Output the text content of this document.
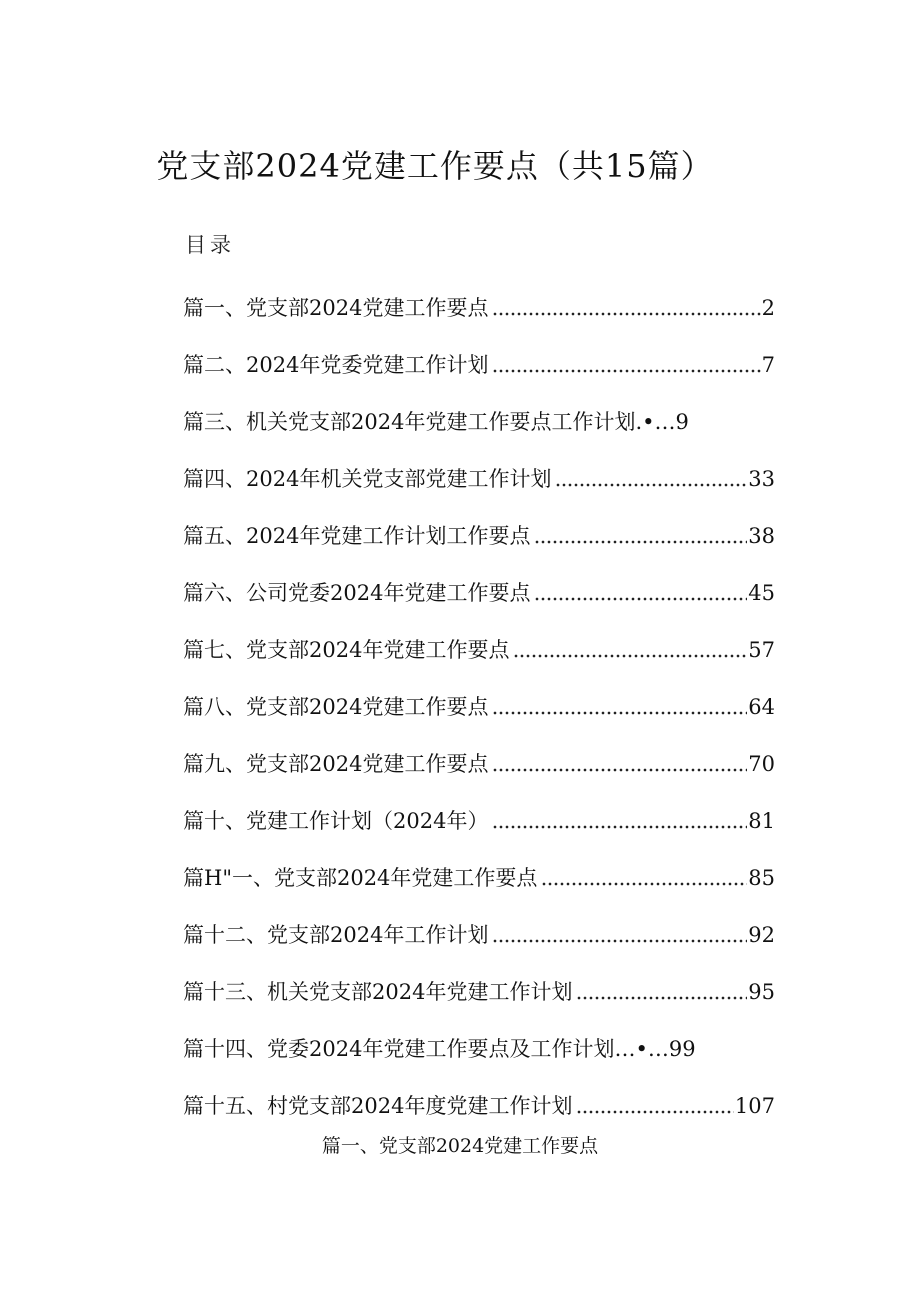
党支部2024党建工作要点（共15篇）
目录
篇一、党支部2024党建工作要点	2
篇二、2024年党委党建工作计划	7
篇三、机关党支部2024年党建工作要点工作计划 .•…9
篇四、2024年机关党支部党建工作计划	33
篇五、2024年党建工作计划工作要点	38
篇六、公司党委2024年党建工作要点	45
篇七、党支部2024年党建工作要点	57
篇八、党支部2024党建工作要点	64
篇九、党支部2024党建工作要点	70
篇十、党建工作计划（2024年）	81
篇H"一、党支部2024年党建工作要点	85
篇十二、党支部2024年工作计划	92
篇十三、机关党支部2024年党建工作计划	95
篇十四、党委2024年党建工作要点及工作计划 …•…99
篇十五、村党支部2024年度党建工作计划	107
篇一、党支部2024党建工作要点
